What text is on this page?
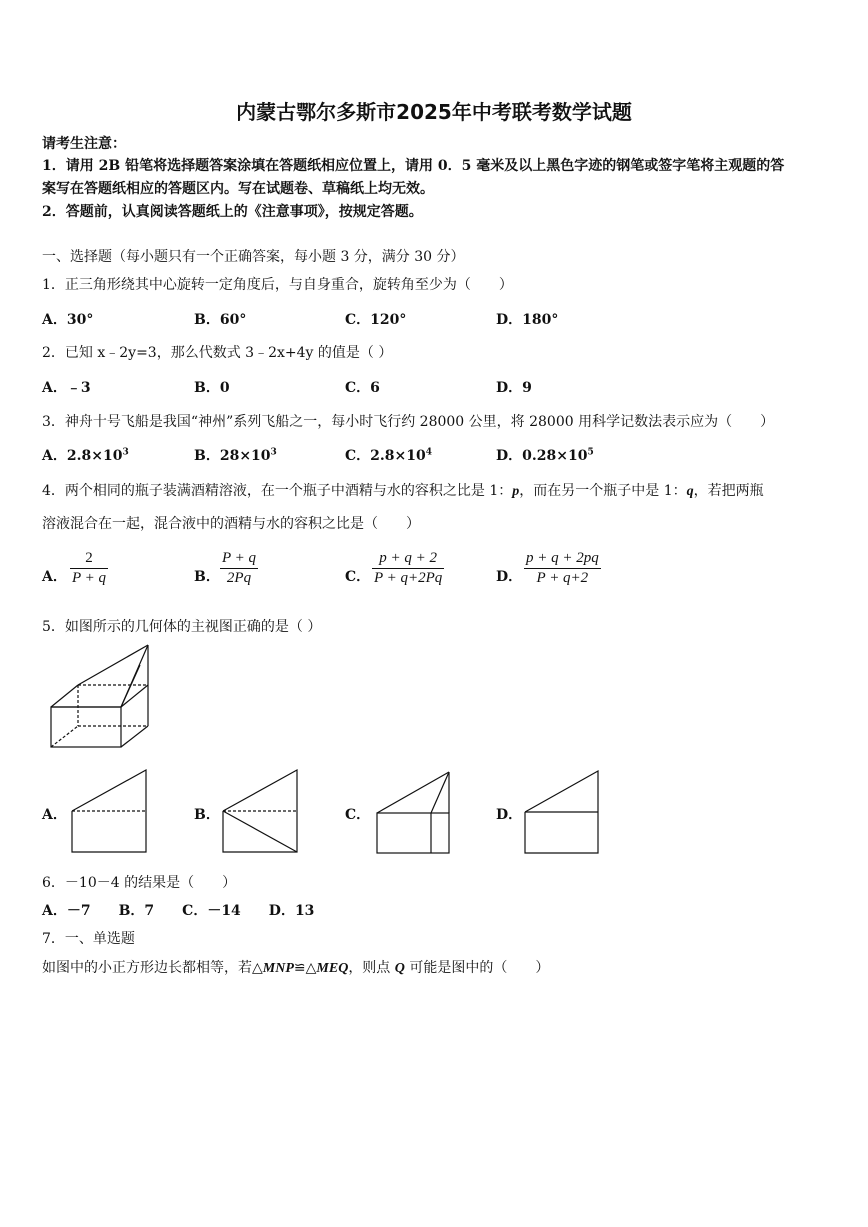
内蒙古鄂尔多斯市2025年中考联考数学试题
请考生注意：
1．请用 2B 铅笔将选择题答案涂填在答题纸相应位置上，请用 0．5 毫米及以上黑色字迹的钢笔或签字笔将主观题的答
案写在答题纸相应的答题区内。写在试题卷、草稿纸上均无效。
2．答题前，认真阅读答题纸上的《注意事项》，按规定答题。
一、选择题（每小题只有一个正确答案，每小题 3 分，满分 30 分）
1．正三角形绕其中心旋转一定角度后，与自身重合，旋转角至少为（　　）
A．30°	B．60°	C．120°	D．180°
2．已知 x﹣2y=3，那么代数式 3﹣2x+4y 的值是（ ）
A．﹣3	B．0	C．6	D．9
3．神舟十号飞船是我国“神州”系列飞船之一，每小时飞行约 28000 公里，将 28000 用科学记数法表示应为（　　）
A．$2.8\times 10^3$	B．$28\times 10^3$	C．$2.8\times 10^4$	D．$0.28\times 10^5$
4．两个相同的瓶子装满酒精溶液，在一个瓶子中酒精与水的容积之比是 1：p，而在另一个瓶子中是 1：q，若把两瓶
溶液混合在一起，混合液中的酒精与水的容积之比是（　　）
A． $\frac{2}{P + q}$	B． $\frac{P + q}{2Pq}$	C． $\frac{p + q + 2}{P + q+2Pq}$	D． $\frac{p + q + 2pq}{P + q+2}$
5．如图所示的几何体的主视图正确的是（ ）
A．	B．	C．	D．
6．－10－4 的结果是（　　）
A．－7　　B．7　　C．－14　　D．13
7．一、单选题
如图中的小正方形边长都相等，若△MNP≌△MEQ，则点 Q 可能是图中的（　　）
